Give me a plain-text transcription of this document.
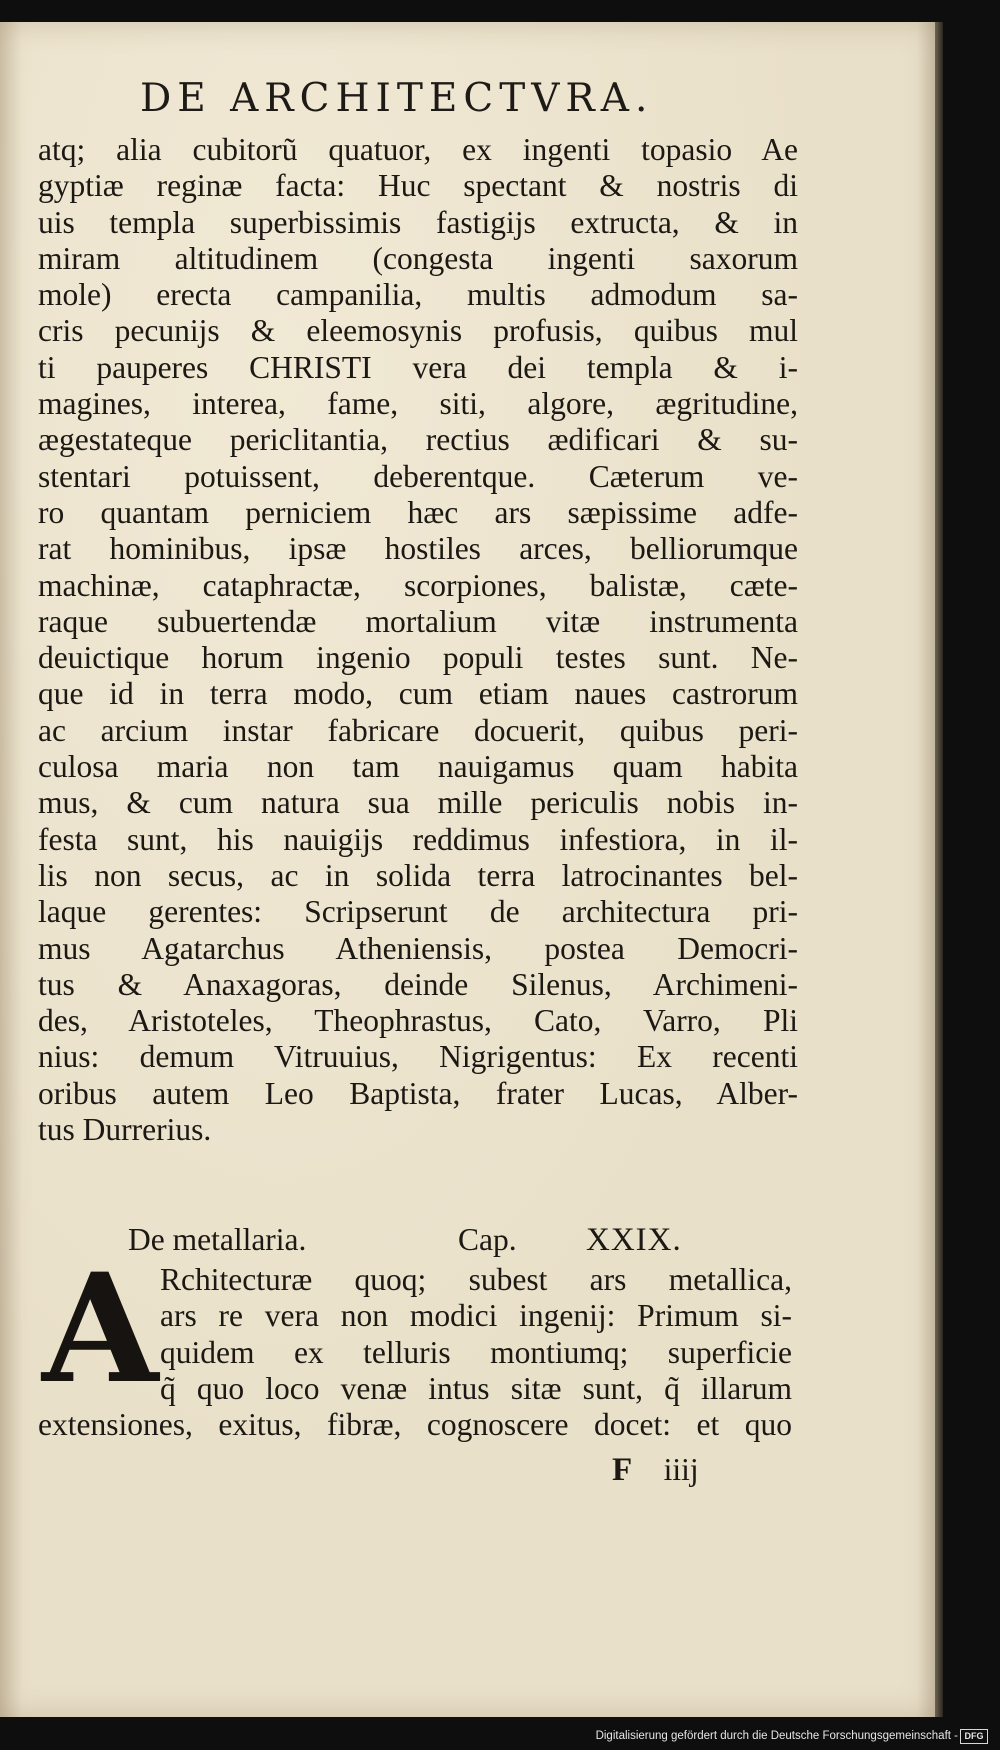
DE ARCHITECTVRA.
atq; alia cubitorũ quatuor, ex ingenti topasio Ae
gyptiæ reginæ facta: Huc spectant & nostris di
uis templa superbissimis fastigijs extructa, & in
miram altitudinem (congesta ingenti saxorum
mole) erecta campanilia, multis admodum sa-
cris pecunijs & eleemosynis profusis, quibus mul
ti pauperes CHRISTI vera dei templa & i-
magines, interea, fame, siti, algore, ægritudine,
ægestateque periclitantia, rectius ædificari & su-
stentari potuissent, deberentque. Cæterum ve-
ro quantam perniciem hæc ars sæpissime adfe-
rat hominibus, ipsæ hostiles arces, belliorumque
machinæ, cataphractæ, scorpiones, balistæ, cæte-
raque subuertendæ mortalium vitæ instrumenta
deuictique horum ingenio populi testes sunt. Ne-
que id in terra modo, cum etiam naues castrorum
ac arcium instar fabricare docuerit, quibus peri-
culosa maria non tam nauigamus quam habita
mus, & cum natura sua mille periculis nobis in-
festa sunt, his nauigijs reddimus infestiora, in il-
lis non secus, ac in solida terra latrocinantes bel-
laque gerentes: Scripserunt de architectura pri-
mus Agatarchus Atheniensis, postea Democri-
tus & Anaxagoras, deinde Silenus, Archimeni-
des, Aristoteles, Theophrastus, Cato, Varro, Pli
nius: demum Vitruuius, Nigrigentus: Ex recenti
oribus autem Leo Baptista, frater Lucas, Alber-
tus Durrerius.
De metallaria.	Cap. XXIX.
A Rchitecturæ quoq; subest ars metallica,
ars re vera non modici ingenij: Primum si-
quidem ex telluris montiumq; superficie
q̃ quo loco venæ intus sitæ sunt, q̃ illarum
extensiones, exitus, fibræ, cognoscere docet: et quo
F iiij
Digitalisierung gefördert durch die Deutsche Forschungsgemeinschaft - DFG
